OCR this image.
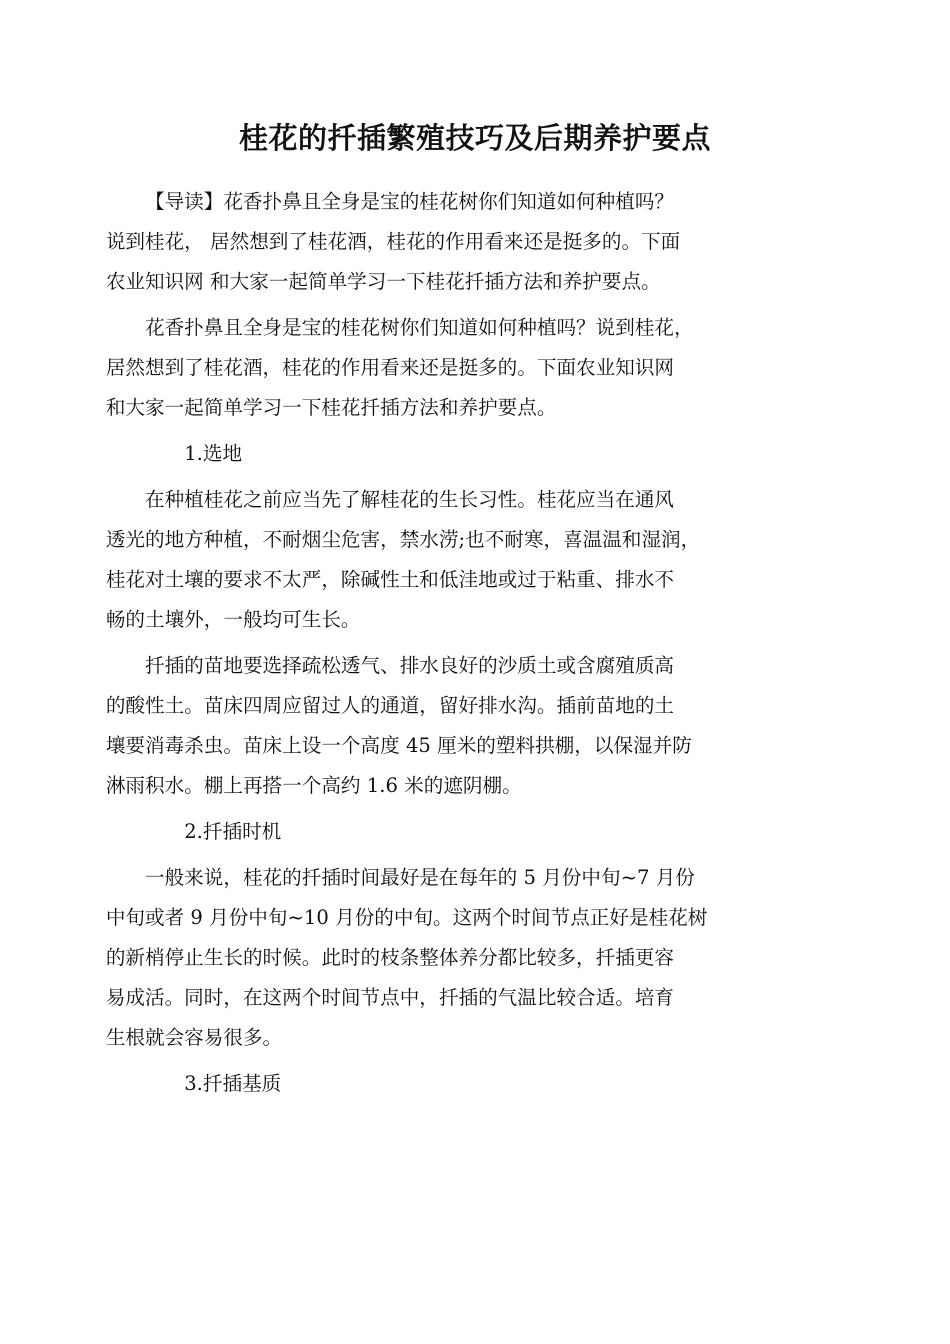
桂花的扦插繁殖技巧及后期养护要点

【导读】花香扑鼻且全身是宝的桂花树你们知道如何种植吗？
说到桂花， 居然想到了桂花酒，桂花的作用看来还是挺多的。下面
农业知识网 和大家一起简单学习一下桂花扦插方法和养护要点。

花香扑鼻且全身是宝的桂花树你们知道如何种植吗？说到桂花，
居然想到了桂花酒，桂花的作用看来还是挺多的。下面农业知识网
和大家一起简单学习一下桂花扦插方法和养护要点。

1.选地

在种植桂花之前应当先了解桂花的生长习性。桂花应当在通风
透光的地方种植，不耐烟尘危害，禁水涝;也不耐寒，喜温温和湿润，
桂花对土壤的要求不太严，除碱性土和低洼地或过于粘重、排水不
畅的土壤外，一般均可生长。

扦插的苗地要选择疏松透气、排水良好的沙质土或含腐殖质高
的酸性土。苗床四周应留过人的通道，留好排水沟。插前苗地的土
壤要消毒杀虫。苗床上设一个高度 45 厘米的塑料拱棚，以保湿并防
淋雨积水。棚上再搭一个高约 1.6 米的遮阴棚。

2.扦插时机

一般来说，桂花的扦插时间最好是在每年的 5 月份中旬~7 月份
中旬或者 9 月份中旬~10 月份的中旬。这两个时间节点正好是桂花树
的新梢停止生长的时候。此时的枝条整体养分都比较多，扦插更容
易成活。同时，在这两个时间节点中，扦插的气温比较合适。培育
生根就会容易很多。

3.扦插基质
